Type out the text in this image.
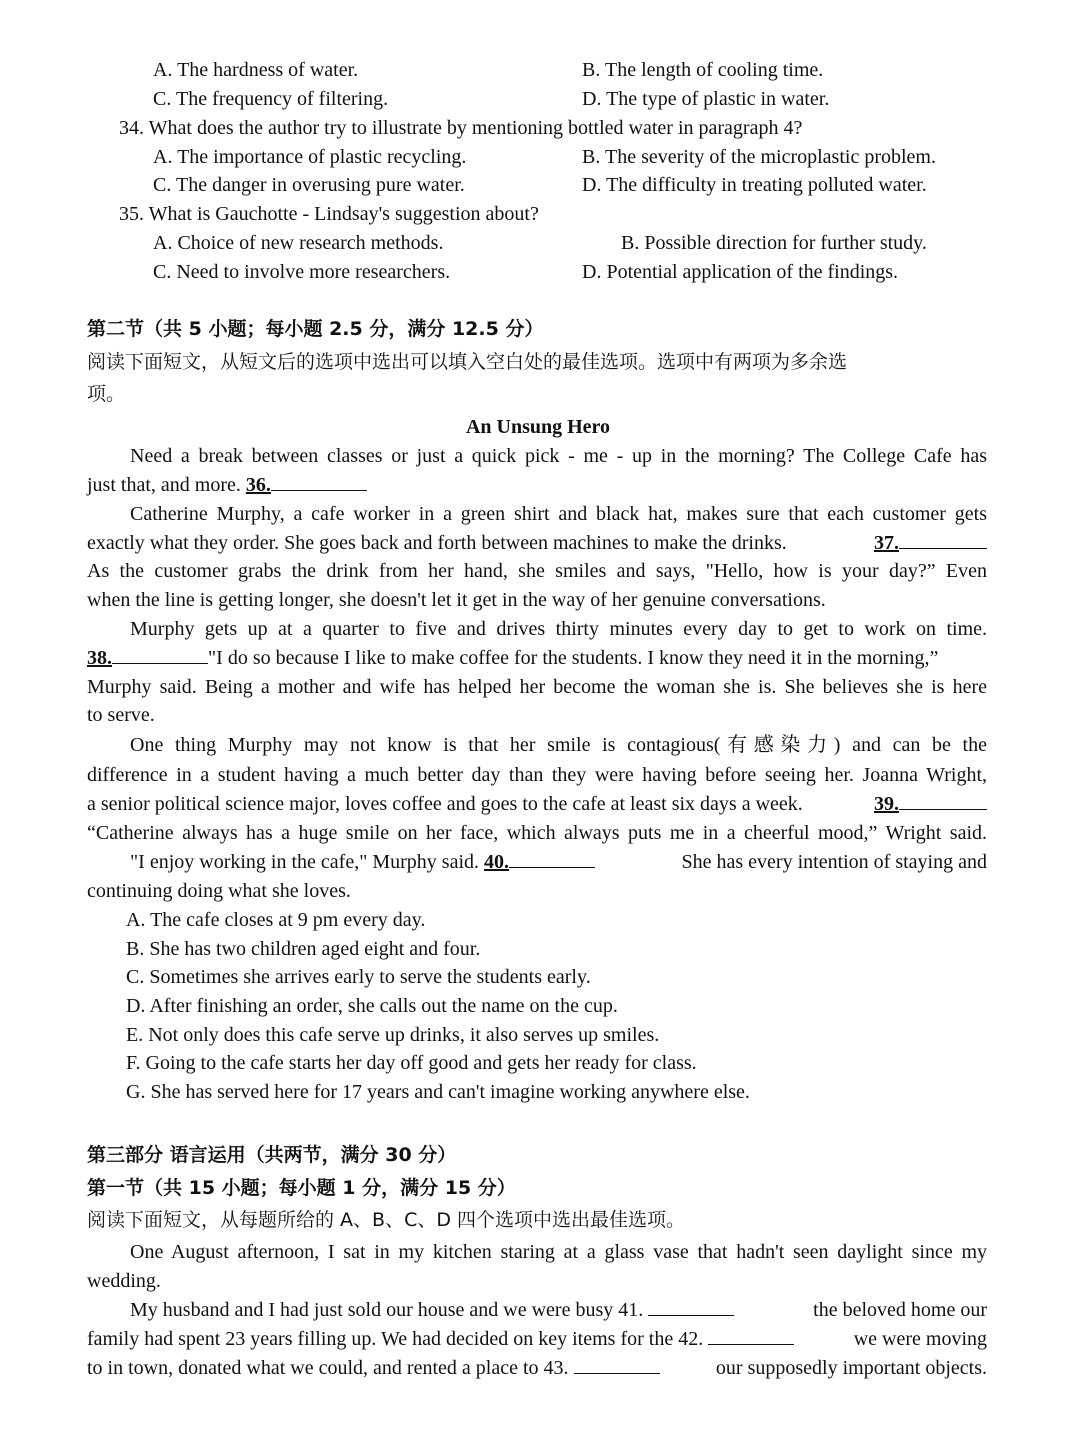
A. The hardness of water.	B. The length of cooling time.
C. The frequency of filtering.	D. The type of plastic in water.
34. What does the author try to illustrate by mentioning bottled water in paragraph 4?
A. The importance of plastic recycling.	B. The severity of the microplastic problem.
C. The danger in overusing pure water.	D. The difficulty in treating polluted water.
35. What is Gauchotte - Lindsay's suggestion about?
A. Choice of new research methods.	B. Possible direction for further study.
C. Need to involve more researchers.	D. Potential application of the findings.
第二节（共 5 小题；每小题 2.5 分，满分 12.5 分）
阅读下面短文，从短文后的选项中选出可以填入空白处的最佳选项。选项中有两项为多余选
项。
An Unsung Hero
Need a break between classes or just a quick pick - me - up in the morning? The College Cafe has
just that, and more. 36.
Catherine Murphy, a cafe worker in a green shirt and black hat, makes sure that each customer gets
exactly what they order. She goes back and forth between machines to make the drinks.	37.
As the customer grabs the drink from her hand, she smiles and says, "Hello, how is your day?” Even
when the line is getting longer, she doesn't let it get in the way of her genuine conversations.
Murphy gets up at a quarter to five and drives thirty minutes every day to get to work on time.
38.	"I do so because I like to make coffee for the students. I know they need it in the morning,”
Murphy said. Being a mother and wife has helped her become the woman she is. She believes she is here
to serve.
One thing Murphy may not know is that her smile is contagious(有感染力) and can be the
difference in a student having a much better day than they were having before seeing her. Joanna Wright,
a senior political science major, loves coffee and goes to the cafe at least six days a week.	39.
“Catherine always has a huge smile on her face, which always puts me in a cheerful mood,” Wright said.
"I enjoy working in the cafe," Murphy said. 40.	She has every intention of staying and
continuing doing what she loves.
A. The cafe closes at 9 pm every day.
B. She has two children aged eight and four.
C. Sometimes she arrives early to serve the students early.
D. After finishing an order, she calls out the name on the cup.
E. Not only does this cafe serve up drinks, it also serves up smiles.
F. Going to the cafe starts her day off good and gets her ready for class.
G. She has served here for 17 years and can't imagine working anywhere else.
第三部分 语言运用（共两节，满分 30 分）
第一节（共 15 小题；每小题 1 分，满分 15 分）
阅读下面短文，从每题所给的 A、B、C、D 四个选项中选出最佳选项。
One August afternoon, I sat in my kitchen staring at a glass vase that hadn't seen daylight since my
wedding.
My husband and I had just sold our house and we were busy 41.	the beloved home our
family had spent 23 years filling up. We had decided on key items for the 42.	we were moving
to in town, donated what we could, and rented a place to 43.	our supposedly important objects.
